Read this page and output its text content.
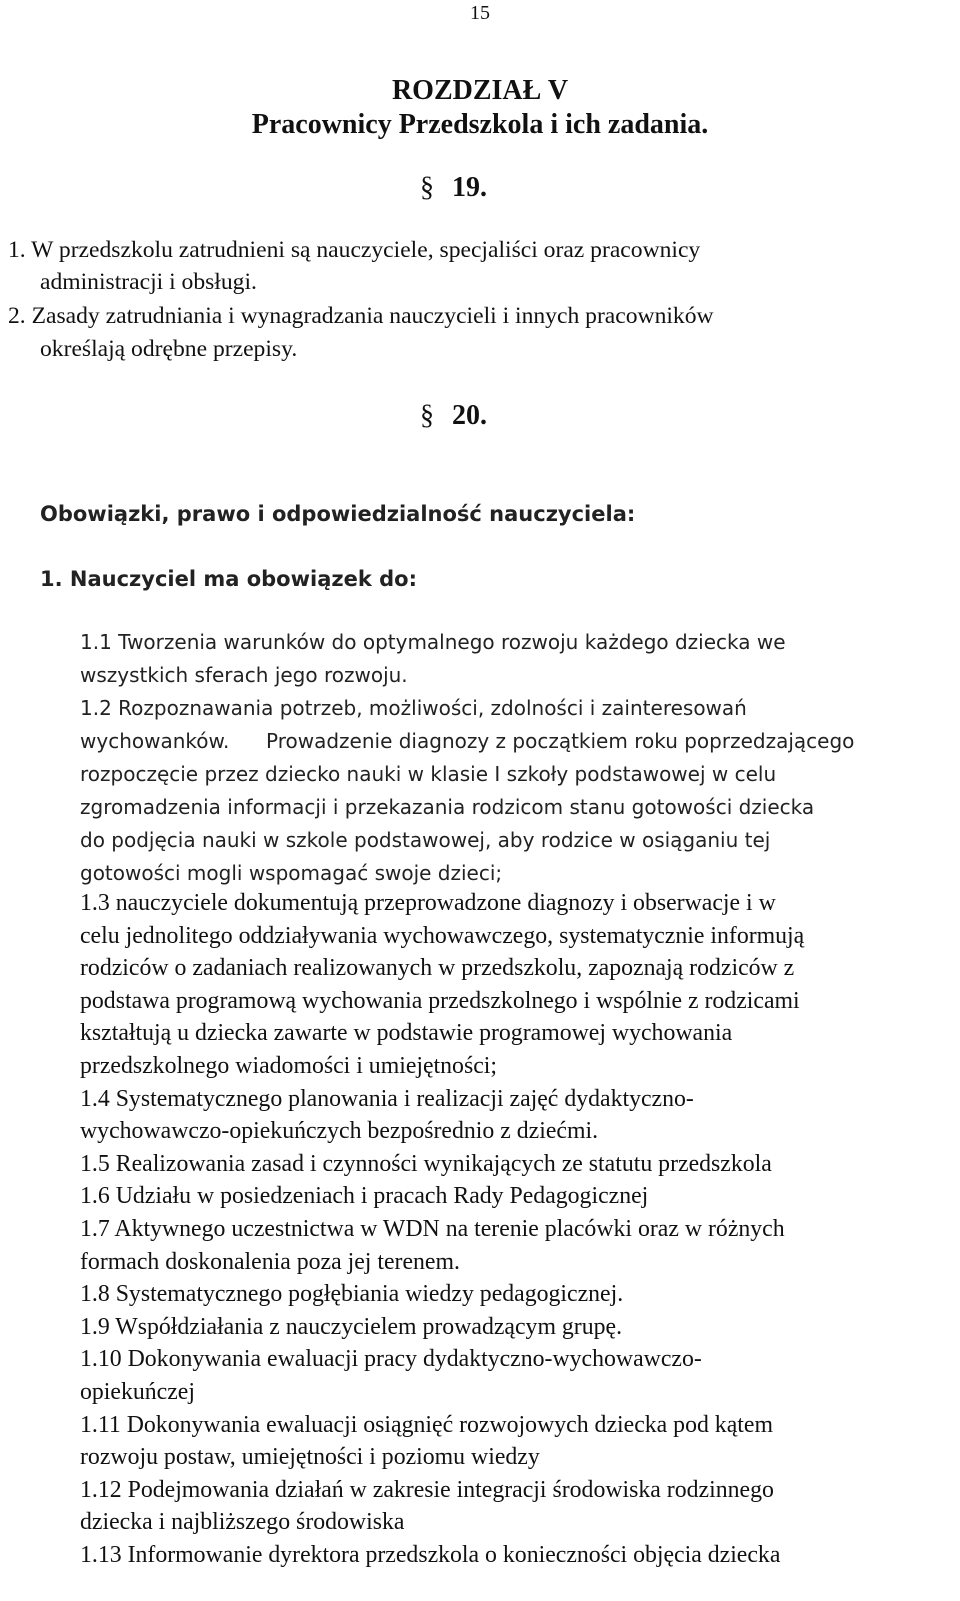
15
ROZDZIAŁ V
Pracownicy Przedszkola i ich zadania.
§ 19.

1. W przedszkolu zatrudnieni są nauczyciele, specjaliści oraz pracownicy

administracji i obsługi.

2. Zasady zatrudniania i wynagradzania nauczycieli i innych pracowników

określają odrębne przepisy.

§ 20.

Obowiązki, prawo i odpowiedzialność nauczyciela:

1. Nauczyciel ma obowiązek do:

1.1 Tworzenia warunków do optymalnego rozwoju każdego dziecka we

wszystkich sferach jego rozwoju.

1.2 Rozpoznawania potrzeb, możliwości, zdolności i zainteresowań

wychowanków. Prowadzenie diagnozy z początkiem roku poprzedzającego

rozpoczęcie przez dziecko nauki w klasie I szkoły podstawowej w celu

zgromadzenia informacji i przekazania rodzicom stanu gotowości dziecka

do podjęcia nauki w szkole podstawowej, aby rodzice w osiąganiu tej

gotowości mogli wspomagać swoje dzieci;

1.3 nauczyciele dokumentują przeprowadzone diagnozy i obserwacje i w
celu jednolitego oddziaływania wychowawczego, systematycznie informują
rodziców o zadaniach realizowanych w przedszkolu, zapoznają rodziców z
podstawa programową wychowania przedszkolnego i wspólnie z rodzicami
kształtują u dziecka zawarte w podstawie programowej wychowania
przedszkolnego wiadomości i umiejętności;
1.4 Systematycznego planowania i realizacji zajęć dydaktyczno-
wychowawczo-opiekuńczych bezpośrednio z dziećmi.
1.5 Realizowania zasad i czynności wynikających ze statutu przedszkola
1.6 Udziału w posiedzeniach i pracach Rady Pedagogicznej
1.7 Aktywnego uczestnictwa w WDN na terenie placówki oraz w różnych
formach doskonalenia poza jej terenem.
1.8 Systematycznego pogłębiania wiedzy pedagogicznej.
1.9 Współdziałania z nauczycielem prowadzącym grupę.
1.10 Dokonywania ewaluacji pracy dydaktyczno-wychowawczo-
opiekuńczej
1.11 Dokonywania ewaluacji osiągnięć rozwojowych dziecka pod kątem
rozwoju postaw, umiejętności i poziomu wiedzy
1.12 Podejmowania działań w zakresie integracji środowiska rodzinnego
dziecka i najbliższego środowiska
1.13 Informowanie dyrektora przedszkola o konieczności objęcia dziecka
